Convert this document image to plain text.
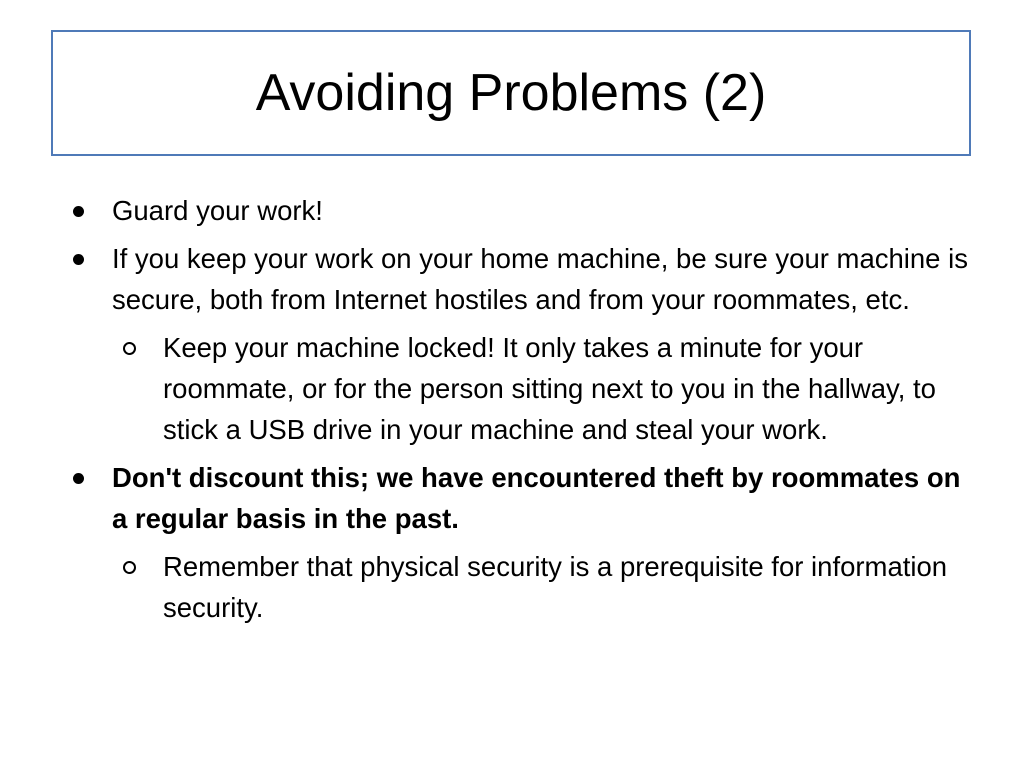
Avoiding Problems (2)
Guard your work!
If you keep your work on your home machine, be sure your machine is secure, both from Internet hostiles and from your roommates, etc.
Keep your machine locked! It only takes a minute for your roommate, or for the person sitting next to you in the hallway, to stick a USB drive in your machine and steal your work.
Don't discount this; we have encountered theft by roommates on a regular basis in the past.
Remember that physical security is a prerequisite for information security.
